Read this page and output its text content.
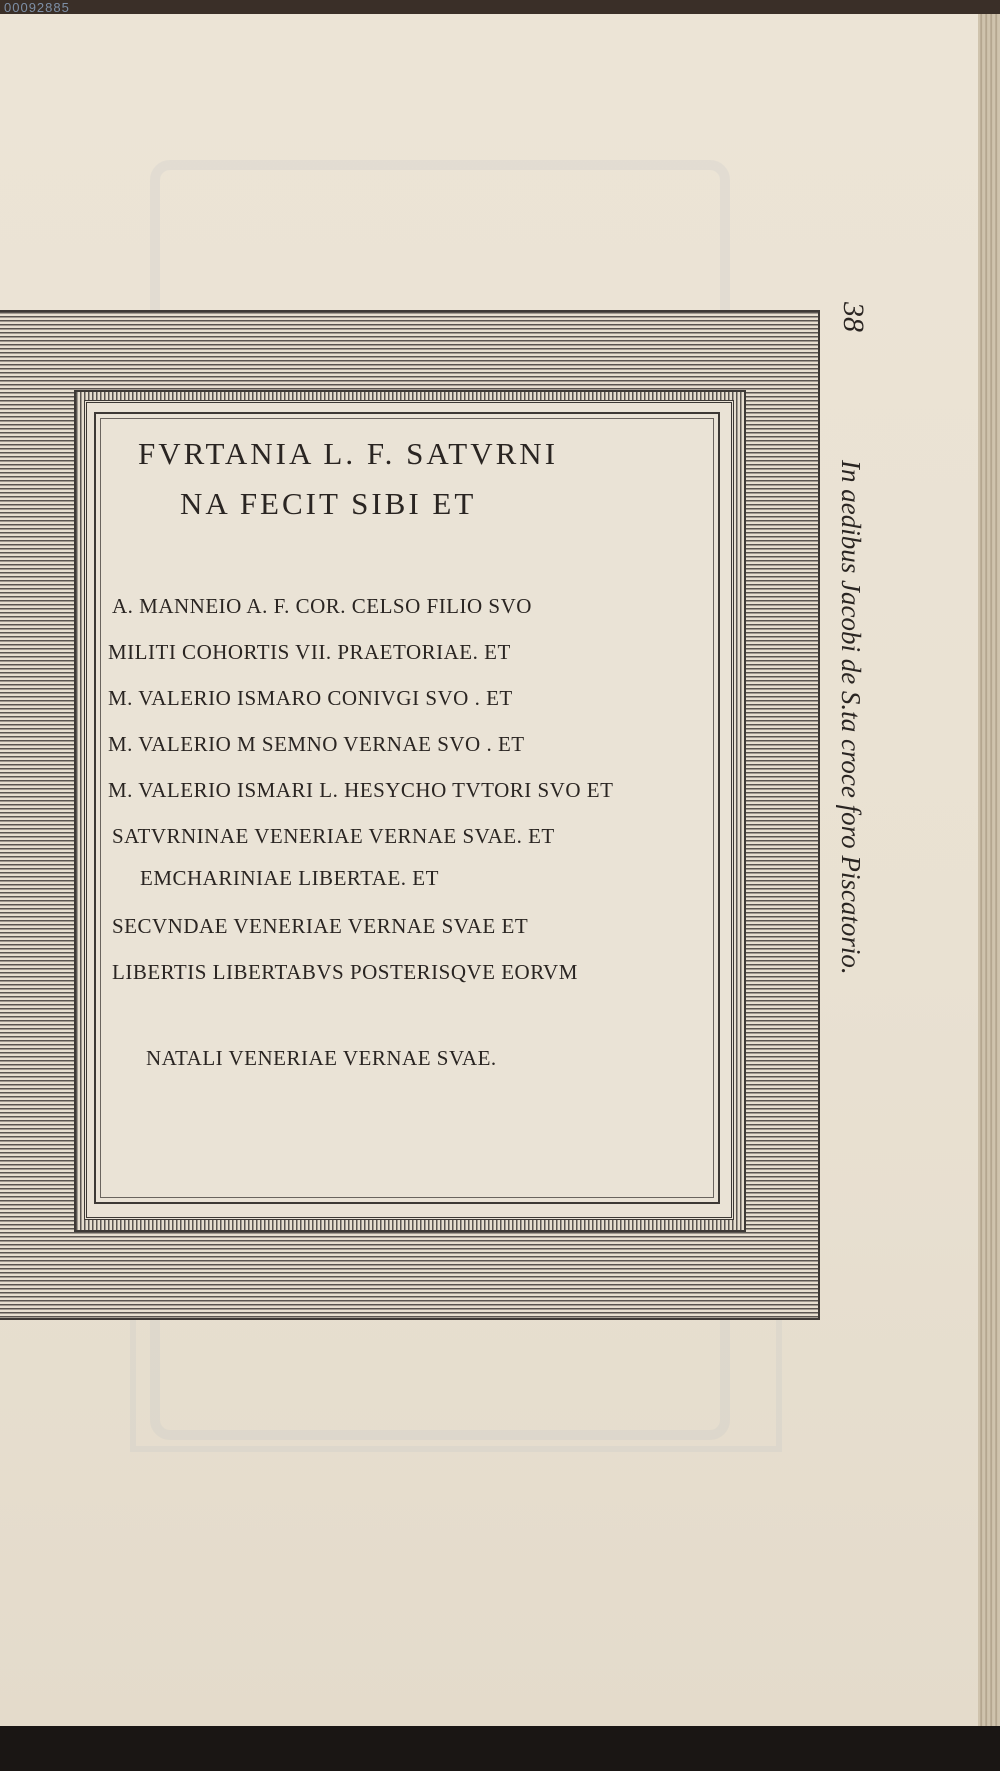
00092885
FVRTANIA L. F. SATVRNI
NA FECIT SIBI ET
A. MANNEIO A. F. COR. CELSO FILIO SVO
MILITI COHORTIS VII. PRAETORIAE. ET
M. VALERIO ISMARO CONIVGI SVO . ET
M. VALERIO M SEMNO VERNAE SVO . ET
M. VALERIO ISMARI L. HESYCHO TVTORI SVO ET
SATVRNINAE VENERIAE VERNAE SVAE. ET
EMCHARINIAE LIBERTAE. ET
SECVNDAE VENERIAE VERNAE SVAE ET
LIBERTIS LIBERTABVS POSTERISQVE EORVM
NATALI VENERIAE VERNAE SVAE.
38
In aedibus Jacobi de S.ta croce foro Piscatorio.
